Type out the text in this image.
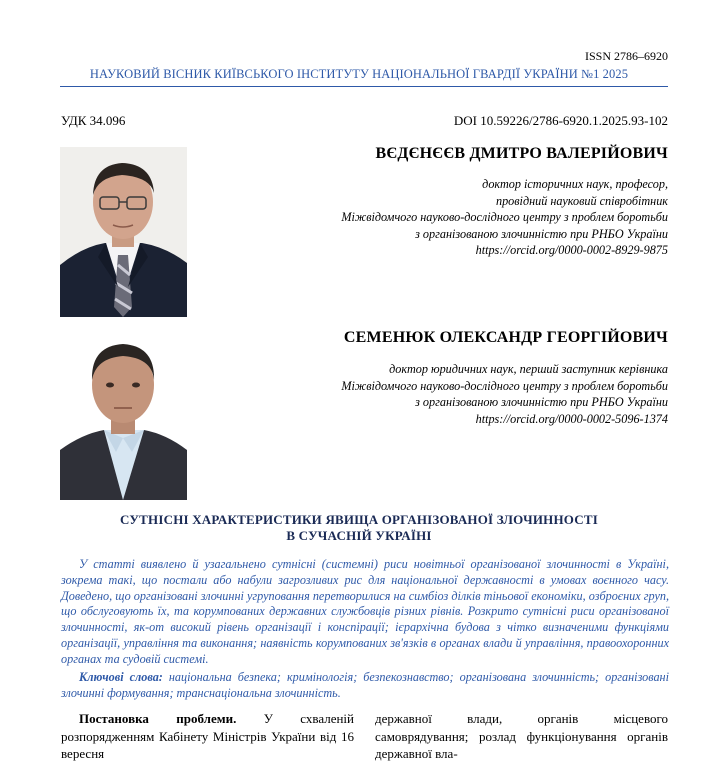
ISSN 2786–6920
НАУКОВИЙ ВІСНИК КИЇВСЬКОГО ІНСТИТУТУ НАЦІОНАЛЬНОЇ ГВАРДІЇ УКРАЇНИ №1 2025
УДК 34.096	DOI 10.59226/2786-6920.1.2025.93-102
ВЄДЄНЄЄВ ДМИТРО ВАЛЕРІЙОВИЧ
доктор історичних наук, професор,
провідний науковий співробітник
Міжвідомчого науково-дослідного центру з проблем боротьби
з організованою злочинністю при РНБО України
https://orcid.org/0000-0002-8929-9875
СЕМЕНЮК ОЛЕКСАНДР ГЕОРГІЙОВИЧ
доктор юридичних наук, перший заступник керівника
Міжвідомчого науково-дослідного центру з проблем боротьби
з організованою злочинністю при РНБО України
https://orcid.org/0000-0002-5096-1374
СУТНІСНІ ХАРАКТЕРИСТИКИ ЯВИЩА ОРГАНІЗОВАНОЇ ЗЛОЧИННОСТІ
В СУЧАСНІЙ УКРАЇНІ

У статті виявлено й узагальнено сутнісні (системні) риси новітньої організованої злочинності в Україні, зокрема такі, що постали або набули загрозливих рис для національної державності в умовах воєнного часу. Доведено, що організовані злочинні угруповання перетворилися на симбіоз ділків тіньової економіки, озброєних груп, що обслуговують їх, та корумпованих державних службовців різних рівнів. Розкрито сутнісні риси організованої злочинності, як-от високий рівень організації і конспірації; ієрархічна будова з чітко визначеними функціями організації, управління та виконання; наявність корумпованих зв'язків в органах влади й управління, правоохоронних органах та судовій системі.

Ключові слова: національна безпека; кримінологія; безпекознавство; організована злочинність; організовані злочинні формування; транснаціональна злочинність.

Постановка проблеми. У схваленій розпорядженням Кабінету Міністрів України від 16 вересня

державної влади, органів місцевого самоврядування; розлад функціонування органів державної вла-
